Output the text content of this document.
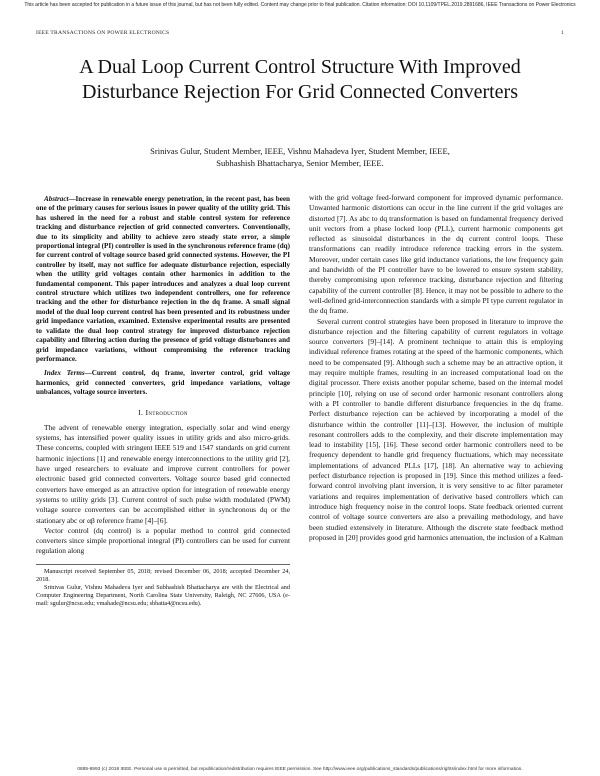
This article has been accepted for publication in a future issue of this journal, but has not been fully edited. Content may change prior to final publication. Citation information: DOI 10.1109/TPEL.2019.2891686, IEEE Transactions on Power Electronics
IEEE TRANSACTIONS ON POWER ELECTRONICS	1
A Dual Loop Current Control Structure With Improved Disturbance Rejection For Grid Connected Converters
Srinivas Gulur, Student Member, IEEE, Vishnu Mahadeva Iyer, Student Member, IEEE,
Subhashish Bhattacharya, Senior Member, IEEE.

Abstract—Increase in renewable energy penetration, in the recent past, has been one of the primary causes for serious issues in power quality of the utility grid. This has ushered in the need for a robust and stable control system for reference tracking and disturbance rejection of grid connected converters. Conventionally, due to its simplicity and ability to achieve zero steady state error, a simple proportional integral (PI) controller is used in the synchronous reference frame (dq) for current control of voltage source based grid connected systems. However, the PI controller by itself, may not suffice for adequate disturbance rejection, especially when the utility grid voltages contain other harmonics in addition to the fundamental component. This paper introduces and analyzes a dual loop current control structure which utilizes two independent controllers, one for reference tracking and the other for disturbance rejection in the dq frame. A small signal model of the dual loop current control has been presented and its robustness under grid impedance variation, examined. Extensive experimental results are presented to validate the dual loop control strategy for improved disturbance rejection capability and filtering action during the presence of grid voltage disturbances and grid impedance variations, without compromising the reference tracking performance.

Index Terms—Current control, dq frame, inverter control, grid voltage harmonics, grid connected converters, grid impedance variations, voltage unbalances, voltage source inverters.

I. Introduction

The advent of renewable energy integration, especially solar and wind energy systems, has intensified power quality issues in utility grids and also micro-grids. These concerns, coupled with stringent IEEE 519 and 1547 standards on grid current harmonic injections [1] and renewable energy interconnections to the utility grid [2], have urged researchers to evaluate and improve current controllers for power electronic based grid connected converters. Voltage source based grid connected converters have emerged as an attractive option for integration of renewable energy systems to utility grids [3]. Current control of such pulse width modulated (PWM) voltage source converters can be accomplished either in synchronous dq or the stationary abc or αβ reference frame [4]–[6].

Vector control (dq control) is a popular method to control grid connected converters since simple proportional integral (PI) controllers can be used for current regulation along

Manuscript received September 05, 2018; revised December 06, 2018; accepted December 24, 2018.

Srinivas Gulur, Vishnu Mahadeva Iyer and Subhashish Bhattacharya are with the Electrical and Computer Engineering Department, North Carolina State University, Raleigh, NC 27606, USA (e-mail: sgulur@ncsu.edu; vmahade@ncsu.edu; sbhatta4@ncsu.edu).

with the grid voltage feed-forward component for improved dynamic performance. Unwanted harmonic distortions can occur in the line current if the grid voltages are distorted [7]. As abc to dq transformation is based on fundamental frequency derived unit vectors from a phase locked loop (PLL), current harmonic components get reflected as sinusoidal disturbances in the dq current control loops. These transformations can readily introduce reference tracking errors in the system. Moreover, under certain cases like grid inductance variations, the low frequency gain and bandwidth of the PI controller have to be lowered to ensure system stability, thereby compromising upon reference tracking, disturbance rejection and filtering capability of the current controller [8]. Hence, it may not be possible to adhere to the well-defined grid-interconnection standards with a simple PI type current regulator in the dq frame.

Several current control strategies have been proposed in literature to improve the disturbance rejection and the filtering capability of current regulators in voltage source converters [9]–[14]. A prominent technique to attain this is employing individual reference frames rotating at the speed of the harmonic components, which need to be compensated [9]. Although such a scheme may be an attractive option, it may require multiple frames, resulting in an increased computational load on the digital processor. There exists another popular scheme, based on the internal model principle [10], relying on use of second order harmonic resonant controllers along with a PI controller to handle different disturbance frequencies in the dq frame. Perfect disturbance rejection can be achieved by incorporating a model of the disturbance within the controller [11]–[13]. However, the inclusion of multiple resonant controllers adds to the complexity, and their discrete implementation may lead to instability [15], [16]. These second order harmonic controllers need to be frequency dependent to handle grid frequency fluctuations, which may necessitate implementations of advanced PLLs [17], [18]. An alternative way to achieving perfect disturbance rejection is proposed in [19]. Since this method utilizes a feed-forward control involving plant inversion, it is very sensitive to ac filter parameter variations and requires implementation of derivative based controllers which can introduce high frequency noise in the control loops. State feedback oriented current control of voltage source converters are also a prevailing methodology, and have been studied extensively in literature. Although the discrete state feedback method proposed in [20] provides good grid harmonics attenuation, the inclusion of a Kalman

0885-8993 (c) 2018 IEEE. Personal use is permitted, but republication/redistribution requires IEEE permission. See http://www.ieee.org/publications_standards/publications/rights/index.html for more information.
